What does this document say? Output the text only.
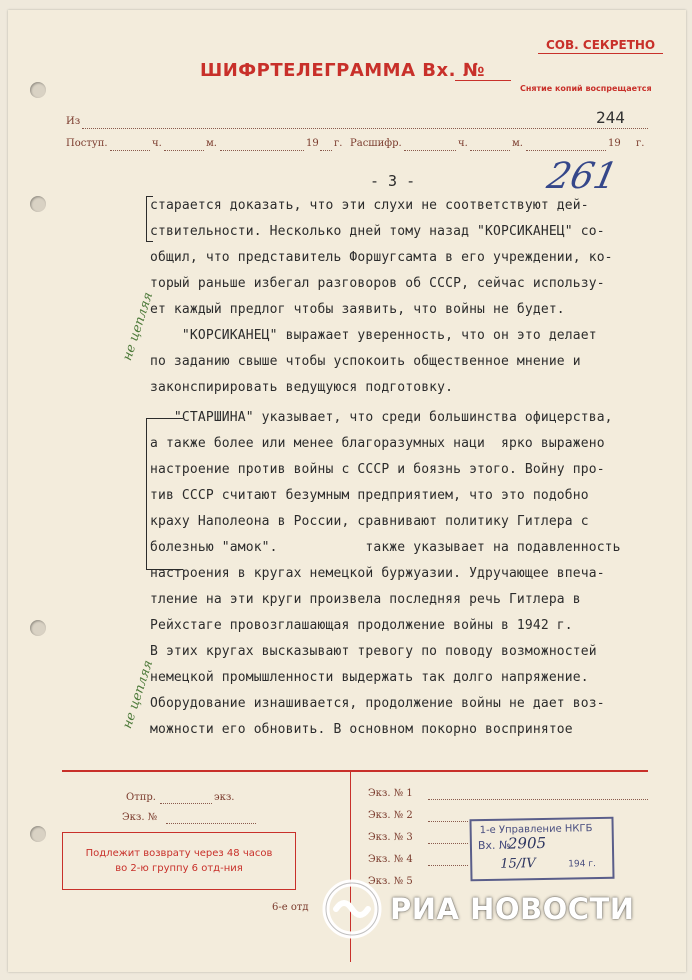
СОВ. СЕКРЕТНО
ШИФРТЕЛЕГРАММА Вх. №
Снятие копий воспрещается
Из	244
Поступ.	ч.	м.	19 г. Расшифр.	ч.	м.	19 г.
261
- 3 -
не цепляя
не цепляя
старается доказать, что эти слухи не соответствуют дей-
ствительности. Несколько дней тому назад "КОРСИКАНЕЦ" со-
общил, что представитель Форшугсамта в его учреждении, ко-
торый раньше избегал разговоров об СССР, сейчас использу-
ет каждый предлог чтобы заявить, что войны не будет.
"КОРСИКАНЕЦ" выражает уверенность, что он это делает
по заданию свыше чтобы успокоить общественное мнение и
законспирировать ведущуюся подготовку.
"СТАРШИНА" указывает, что среди большинства офицерства,
а также более или менее благоразумных наци  ярко выражено
настроение против войны с СССР и боязнь этого. Войну про-
тив СССР считают безумным предприятием, что это подобно
краху Наполеона в России, сравнивают политику Гитлера с
болезнью "амок".           также указывает на подавленность
настроения в кругах немецкой буржуазии. Удручающее впеча-
тление на эти круги произвела последняя речь Гитлера в
Рейхстаге провозглашающая продолжение войны в 1942 г.
В этих кругах высказывают тревогу по поводу возможностей
немецкой промышленности выдержать так долго напряжение.
Оборудование изнашивается, продолжение войны не дает воз-
можности его обновить. В основном покорно воспринятое
Отпр.	экз.
Экз. №
Подлежит возврату через 48 часов
во 2-ю группу 6 отд-ния
Экз. № 1
Экз. № 2
Экз. № 3
Экз. № 4
Экз. № 5
1-е Управление НКГБ
Вх. №
2905
15/IV	194 г.
6-е отд	РИА НОВОСТИ
